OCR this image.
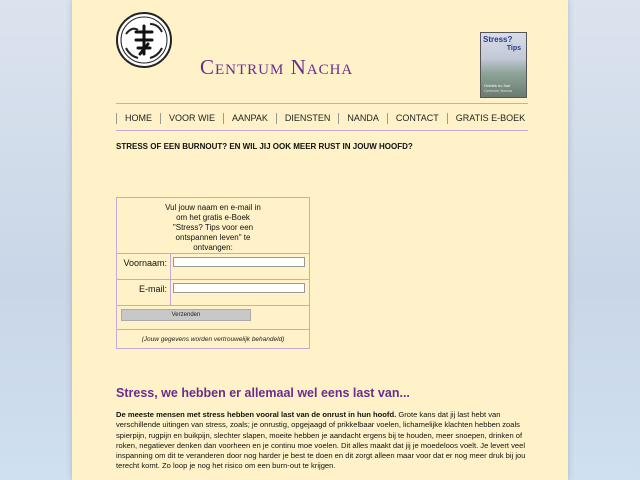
Centrum Nacha
Stress?
Tips
Ontdek nu hoe
Centrum Nacha
HOME	VOOR WIE	AANPAK	DIENSTEN	NANDA	CONTACT	GRATIS E-BOEK
STRESS OF EEN BURNOUT? EN WIL JIJ OOK MEER RUST IN JOUW HOOFD?
Vul jouw naam en e-mail in om het gratis e-Boek "Stress? Tips voor een ontspannen leven" te ontvangen:
Voornaam:
E-mail:
Verzenden
(Jouw gegevens worden vertrouwelijk behandeld)
Stress, we hebben er allemaal wel eens last van...
De meeste mensen met stress hebben vooral last van de onrust in hun hoofd. Grote kans dat jij last hebt van verschillende uitingen van stress, zoals; je onrustig, opgejaagd of prikkelbaar voelen, lichamelijke klachten hebben zoals spierpijn, rugpijn en buikpijn, slechter slapen, moeite hebben je aandacht ergens bij te houden, meer snoepen, drinken of roken, negatiever denken dan voorheen en je continu moe voelen. Dit alles maakt dat jij je moedeloos voelt. Je levert veel inspanning om dit te veranderen door nog harder je best te doen en dit zorgt alleen maar voor dat er nog meer druk bij jou terecht komt. Zo loop je nog het risico om een burn-out te krijgen.
